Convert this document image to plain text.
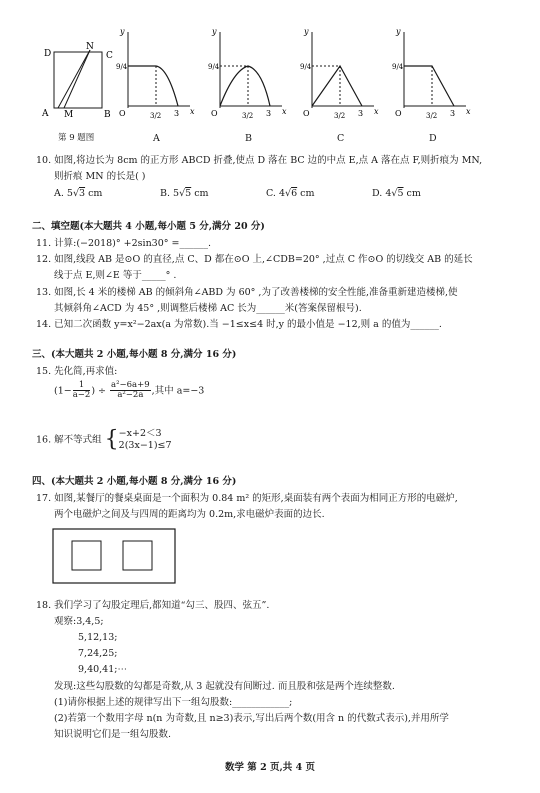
D
N
C
A M	B
第 9 题图
y
x
O
9/4
3/2 3
y
x
O
9/4
3/2 3
y
x
O
9/4
3/2 3
y
x
O
9/4
3/2 3
A	B	C	D
10. 如图,将边长为 8cm 的正方形 ABCD 折叠,使点 D 落在 BC 边的中点 E,点 A 落在点 F,则折痕为 MN,
则折痕 MN 的长是( )
A. 5√3 cm	B. 5√5 cm	C. 4√6 cm	D. 4√5 cm
二、填空题(本大题共 4 小题,每小题 5 分,满分 20 分)
11. 计算:(−2018)° +2sin30° =______.
12. 如图,线段 AB 是⊙O 的直径,点 C、D 都在⊙O 上,∠CDB=20° ,过点 C 作⊙O 的切线交 AB 的延长
线于点 E,则∠E 等于_____° .
13. 如图,长 4 米的楼梯 AB 的倾斜角∠ABD 为 60° ,为了改善楼梯的安全性能,准备重新建造楼梯,使
其倾斜角∠ACD 为 45° ,则调整后楼梯 AC 长为______米(答案保留根号).
14. 已知二次函数 y=x²−2ax(a 为常数).当 −1≤x≤4 时,y 的最小值是 −12,则 a 的值为______.
三、(本大题共 2 小题,每小题 8 分,满分 16 分)
15. 先化简,再求值:
($1- \frac{1}{a-2}$ ) ÷ $\frac{\text{a²−6a+9}}{\text{a²−2a}}$ ,其中 a=−3
16. 解不等式组 { −x+2＜3
2(3x−1)≤7
四、(本大题共 2 小题,每小题 8 分,满分 16 分)
17. 如图,某餐厅的餐桌桌面是一个面积为 0.84 m² 的矩形,桌面装有两个表面为相同正方形的电磁炉,
两个电磁炉之间及与四周的距离均为 0.2m,求电磁炉表面的边长.
18. 我们学习了勾股定理后,都知道“勾三、股四、弦五”.
观察:3,4,5;
5,12,13;
7,24,25;
9,40,41;⋯
发现:这些勾股数的勾都是奇数,从 3 起就没有间断过. 而且股和弦是两个连续整数.
(1)请你根据上述的规律写出下一组勾股数:____________;
(2)若第一个数用字母 n(n 为奇数,且 n≥3)表示,写出后两个数(用含 n 的代数式表示),并用所学
知识说明它们是一组勾股数.
数学 第 2 页,共 4 页
